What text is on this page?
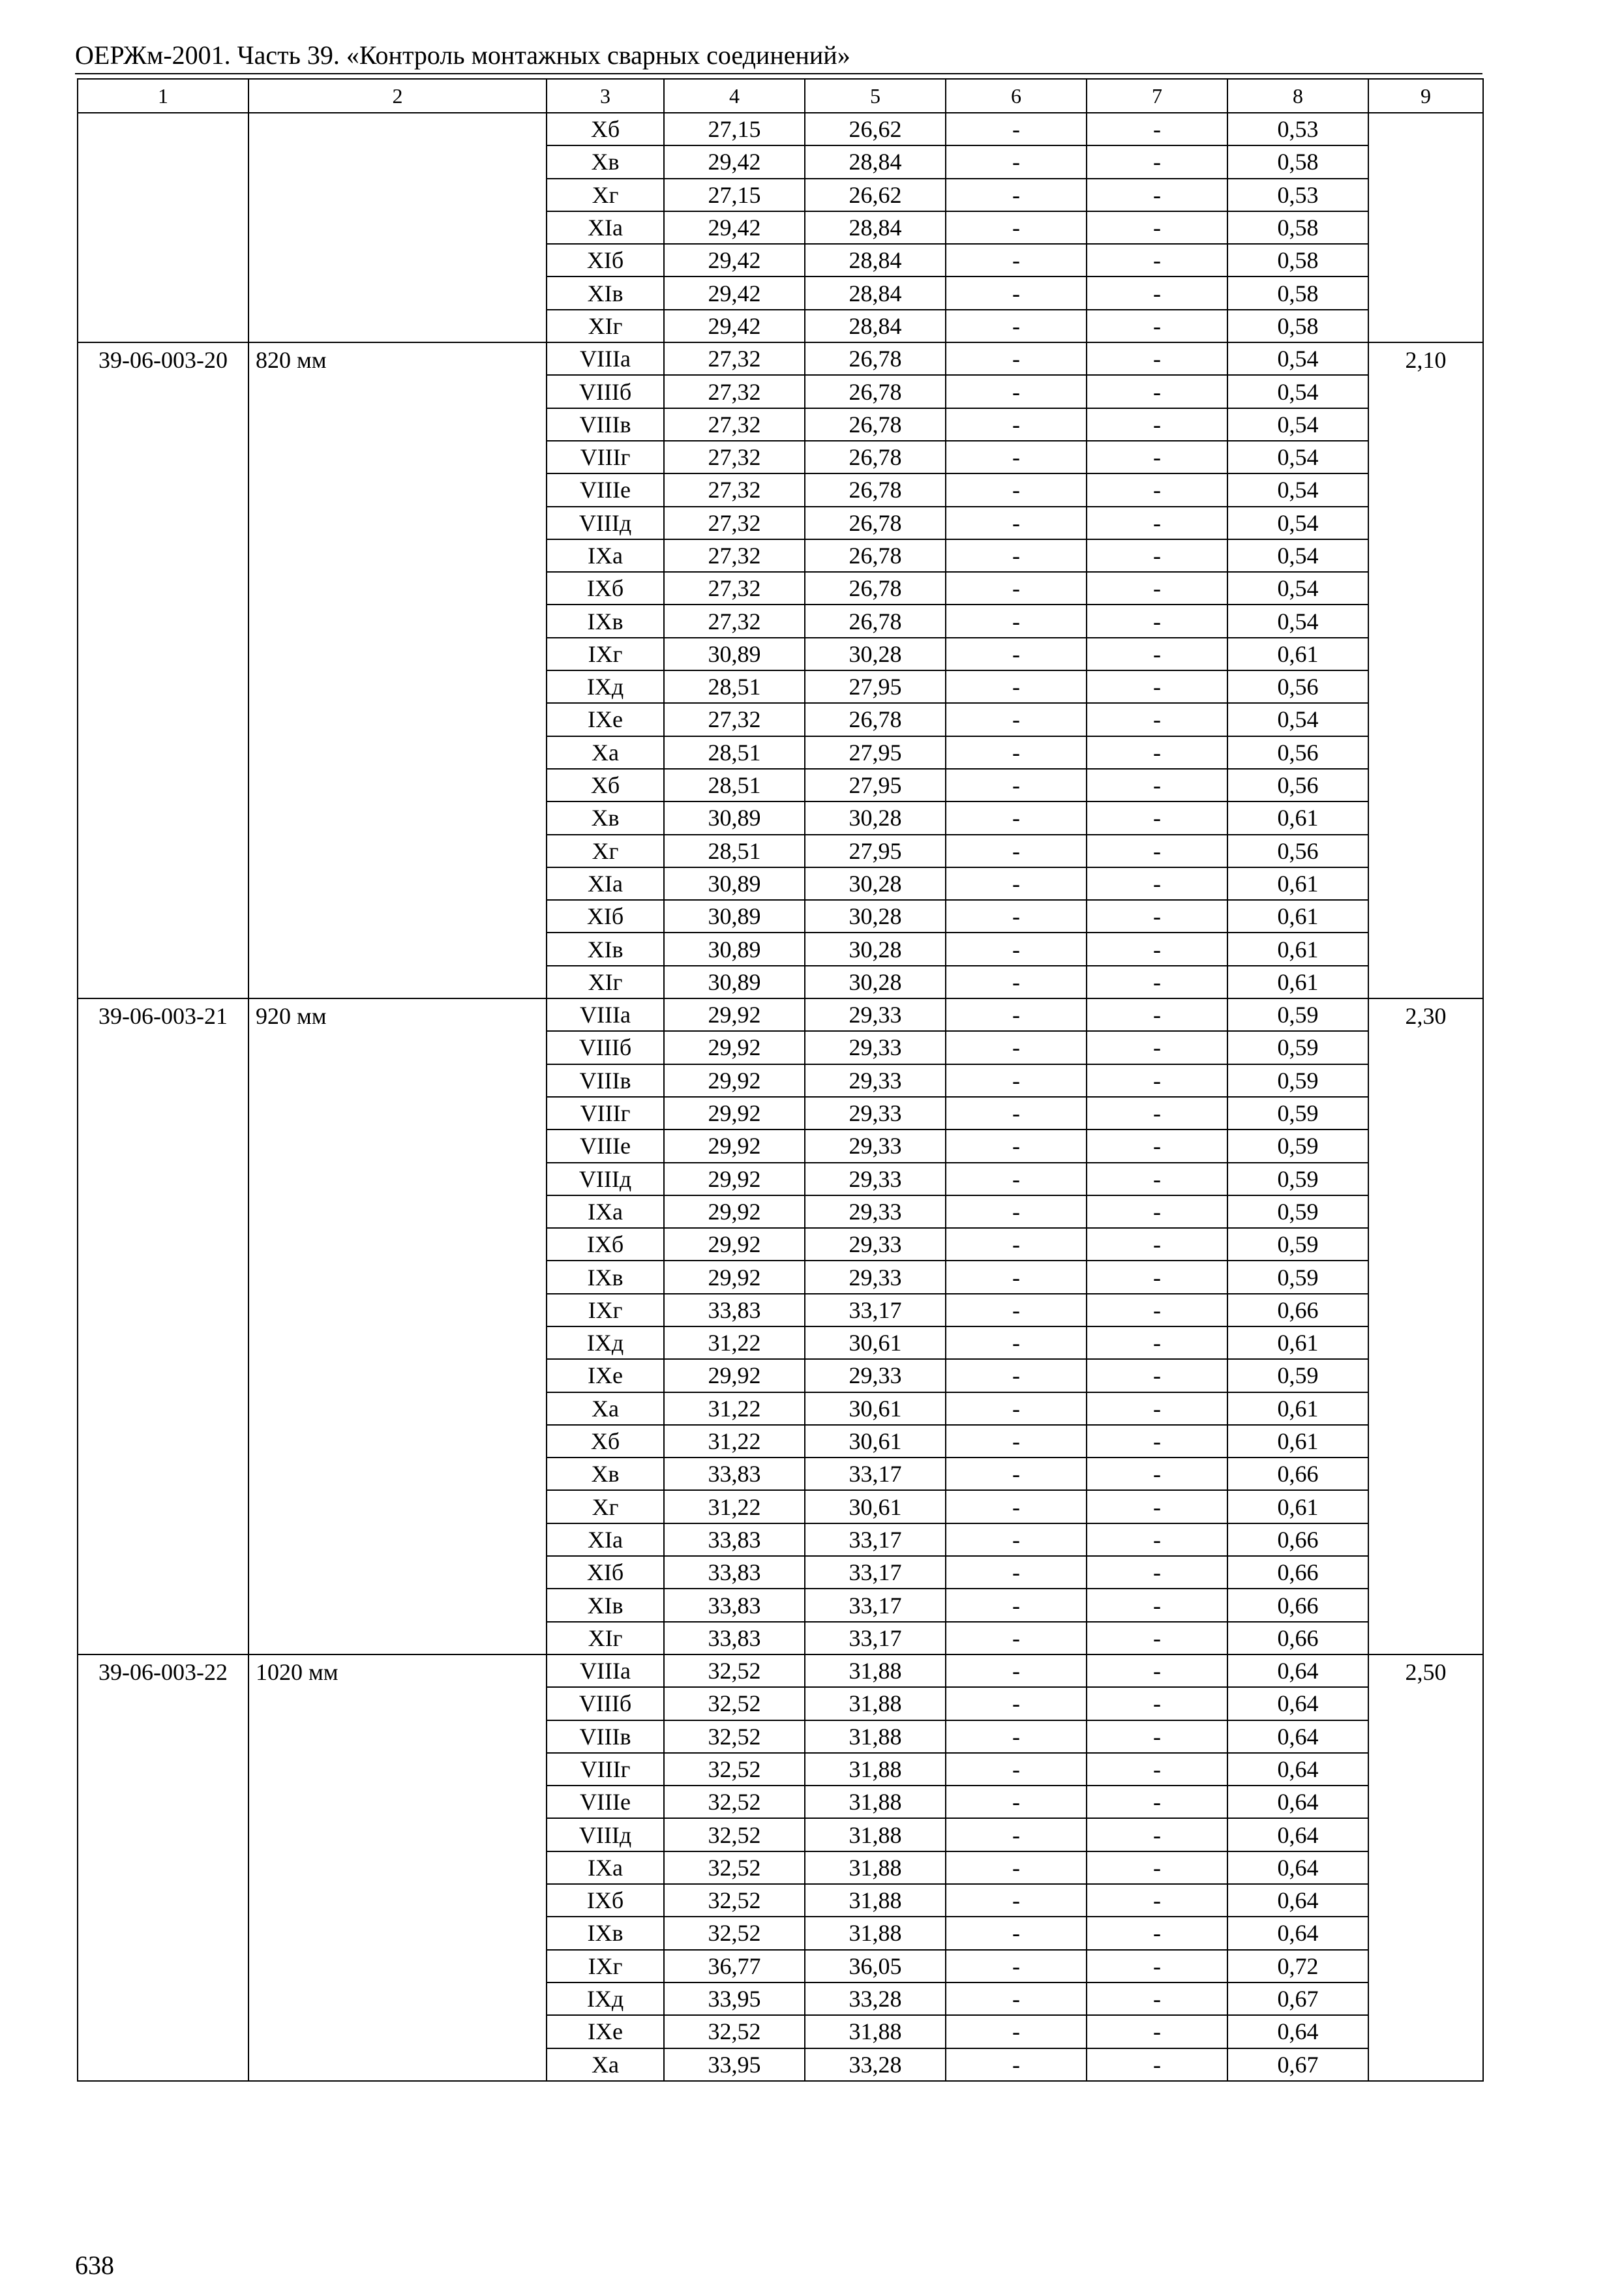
ОЕРЖм-2001. Часть 39. «Контроль монтажных сварных соединений»
1	2	3	4	5	6	7	8	9
		Хб	27,15	26,62	-	-	0,53	
		Хв	29,42	28,84	-	-	0,58	
		Хг	27,15	26,62	-	-	0,53	
		XIа	29,42	28,84	-	-	0,58	
		XIб	29,42	28,84	-	-	0,58	
		XIв	29,42	28,84	-	-	0,58	
		XIг	29,42	28,84	-	-	0,58	
39-06-003-20	820 мм	VIIIа	27,32	26,78	-	-	0,54	2,10
		VIIIб	27,32	26,78	-	-	0,54	
		VIIIв	27,32	26,78	-	-	0,54	
		VIIIг	27,32	26,78	-	-	0,54	
		VIIIе	27,32	26,78	-	-	0,54	
		VIIIд	27,32	26,78	-	-	0,54	
		IХа	27,32	26,78	-	-	0,54	
		IХб	27,32	26,78	-	-	0,54	
		IХв	27,32	26,78	-	-	0,54	
		IХг	30,89	30,28	-	-	0,61	
		IХд	28,51	27,95	-	-	0,56	
		IХе	27,32	26,78	-	-	0,54	
		Ха	28,51	27,95	-	-	0,56	
		Хб	28,51	27,95	-	-	0,56	
		Хв	30,89	30,28	-	-	0,61	
		Хг	28,51	27,95	-	-	0,56	
		XIа	30,89	30,28	-	-	0,61	
		XIб	30,89	30,28	-	-	0,61	
		XIв	30,89	30,28	-	-	0,61	
		XIг	30,89	30,28	-	-	0,61	
39-06-003-21	920 мм	VIIIа	29,92	29,33	-	-	0,59	2,30
		VIIIб	29,92	29,33	-	-	0,59	
		VIIIв	29,92	29,33	-	-	0,59	
		VIIIг	29,92	29,33	-	-	0,59	
		VIIIе	29,92	29,33	-	-	0,59	
		VIIIд	29,92	29,33	-	-	0,59	
		IХа	29,92	29,33	-	-	0,59	
		IХб	29,92	29,33	-	-	0,59	
		IХв	29,92	29,33	-	-	0,59	
		IХг	33,83	33,17	-	-	0,66	
		IХд	31,22	30,61	-	-	0,61	
		IХе	29,92	29,33	-	-	0,59	
		Ха	31,22	30,61	-	-	0,61	
		Хб	31,22	30,61	-	-	0,61	
		Хв	33,83	33,17	-	-	0,66	
		Хг	31,22	30,61	-	-	0,61	
		XIа	33,83	33,17	-	-	0,66	
		XIб	33,83	33,17	-	-	0,66	
		XIв	33,83	33,17	-	-	0,66	
		XIг	33,83	33,17	-	-	0,66	
39-06-003-22	1020 мм	VIIIа	32,52	31,88	-	-	0,64	2,50
		VIIIб	32,52	31,88	-	-	0,64	
		VIIIв	32,52	31,88	-	-	0,64	
		VIIIг	32,52	31,88	-	-	0,64	
		VIIIе	32,52	31,88	-	-	0,64	
		VIIIд	32,52	31,88	-	-	0,64	
		IХа	32,52	31,88	-	-	0,64	
		IХб	32,52	31,88	-	-	0,64	
		IХв	32,52	31,88	-	-	0,64	
		IХг	36,77	36,05	-	-	0,72	
		IХд	33,95	33,28	-	-	0,67	
		IХе	32,52	31,88	-	-	0,64	
		Ха	33,95	33,28	-	-	0,67	
638
